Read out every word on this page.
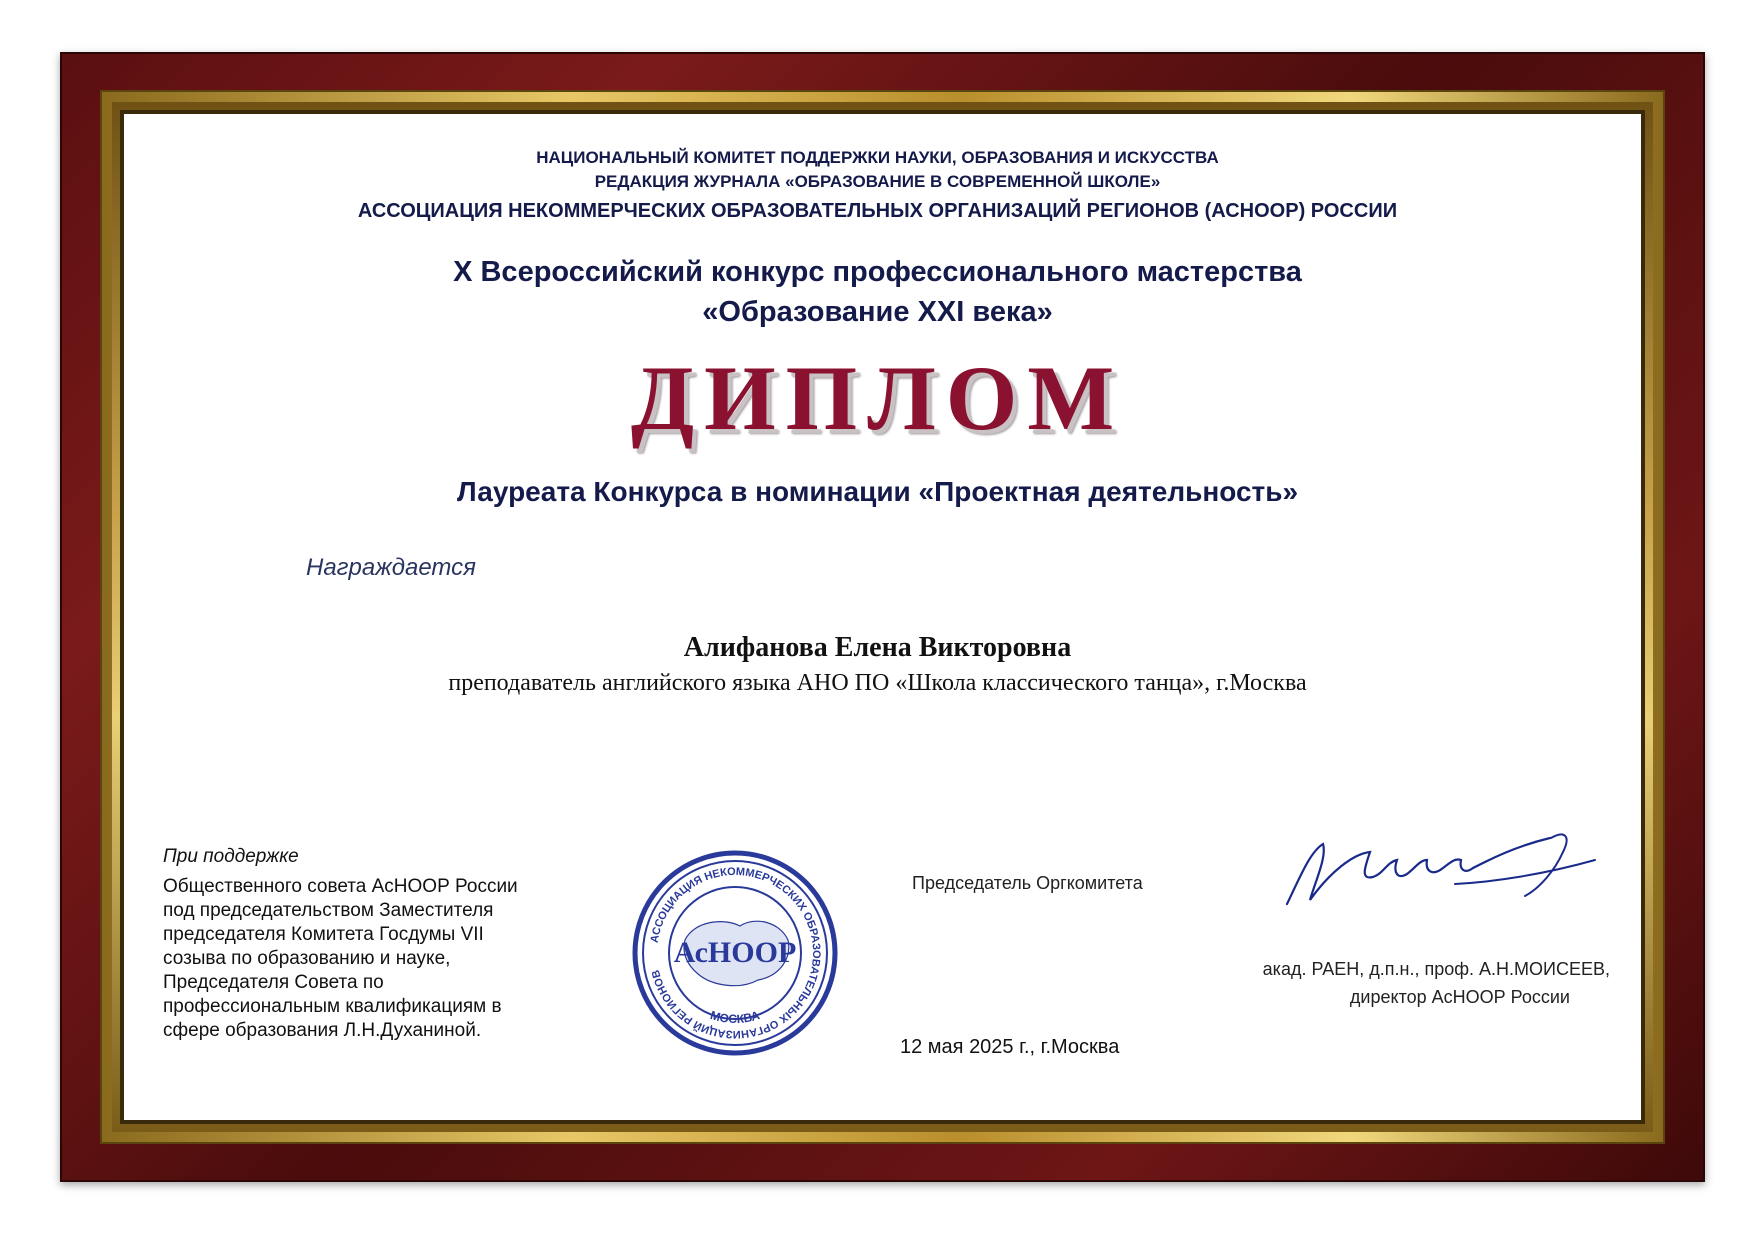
НАЦИОНАЛЬНЫЙ КОМИТЕТ ПОДДЕРЖКИ НАУКИ, ОБРАЗОВАНИЯ И ИСКУССТВА
РЕДАКЦИЯ ЖУРНАЛА «ОБРАЗОВАНИЕ В СОВРЕМЕННОЙ ШКОЛЕ»
АССОЦИАЦИЯ НЕКОММЕРЧЕСКИХ ОБРАЗОВАТЕЛЬНЫХ ОРГАНИЗАЦИЙ РЕГИОНОВ (АСНООР) РОССИИ
X Всероссийский конкурс профессионального мастерства
«Образование XXI века»
ДИПЛОМ
Лауреата Конкурса в номинации «Проектная деятельность»
Награждается
Алифанова Елена Викторовна
преподаватель английского языка АНО ПО «Школа классического танца», г.Москва
При поддержке
Общественного совета АсНООР России
под председательством Заместителя
председателя Комитета Госдумы VII
созыва по образованию и науке,
Председателя Совета по
профессиональным квалификациям в
сфере образования Л.Н.Духаниной.
АССОЦИАЦИЯ НЕКОММЕРЧЕСКИХ ОБРАЗОВАТЕЛЬНЫХ ОРГАНИЗАЦИЙ РЕГИОНОВ
МОСКВА
АсНООР
Председатель Оргкомитета
акад. РАЕН, д.п.н., проф. А.Н.МОИСЕЕВ,
директор АсНООР России
12 мая 2025 г., г.Москва
